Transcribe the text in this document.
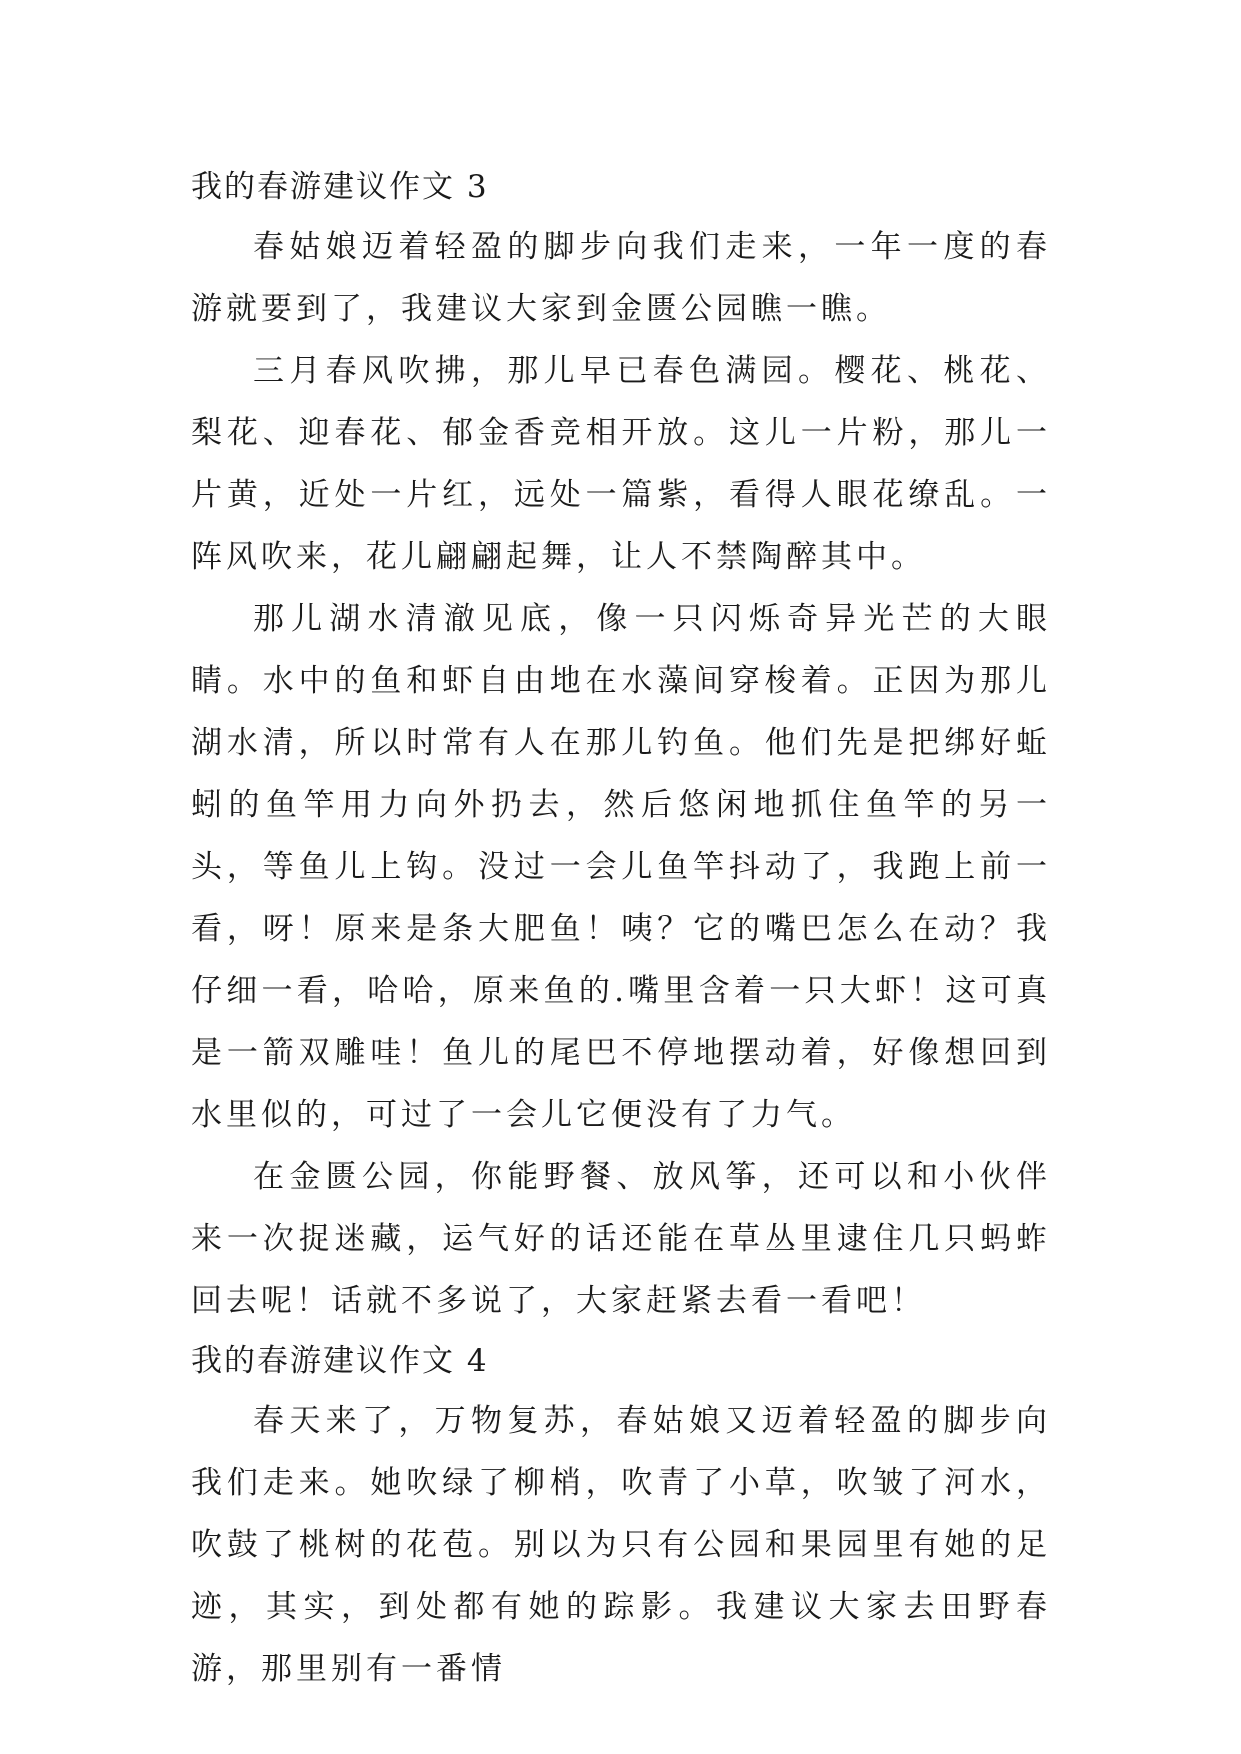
我的春游建议作文 3

春姑娘迈着轻盈的脚步向我们走来，一年一度的春游就要到了，我建议大家到金匮公园瞧一瞧。

三月春风吹拂，那儿早已春色满园。樱花、桃花、梨花、迎春花、郁金香竞相开放。这儿一片粉，那儿一片黄，近处一片红，远处一篇紫，看得人眼花缭乱。一阵风吹来，花儿翩翩起舞，让人不禁陶醉其中。

那儿湖水清澈见底，像一只闪烁奇异光芒的大眼睛。水中的鱼和虾自由地在水藻间穿梭着。正因为那儿湖水清，所以时常有人在那儿钓鱼。他们先是把绑好蚯蚓的鱼竿用力向外扔去，然后悠闲地抓住鱼竿的另一头，等鱼儿上钩。没过一会儿鱼竿抖动了，我跑上前一看，呀！原来是条大肥鱼！咦？它的嘴巴怎么在动？我仔细一看，哈哈，原来鱼的.嘴里含着一只大虾！这可真是一箭双雕哇！鱼儿的尾巴不停地摆动着，好像想回到水里似的，可过了一会儿它便没有了力气。

在金匮公园，你能野餐、放风筝，还可以和小伙伴来一次捉迷藏，运气好的话还能在草丛里逮住几只蚂蚱回去呢！话就不多说了，大家赶紧去看一看吧！

我的春游建议作文 4

春天来了，万物复苏，春姑娘又迈着轻盈的脚步向我们走来。她吹绿了柳梢，吹青了小草，吹皱了河水，吹鼓了桃树的花苞。别以为只有公园和果园里有她的足迹，其实，到处都有她的踪影。我建议大家去田野春游，那里别有一番情
